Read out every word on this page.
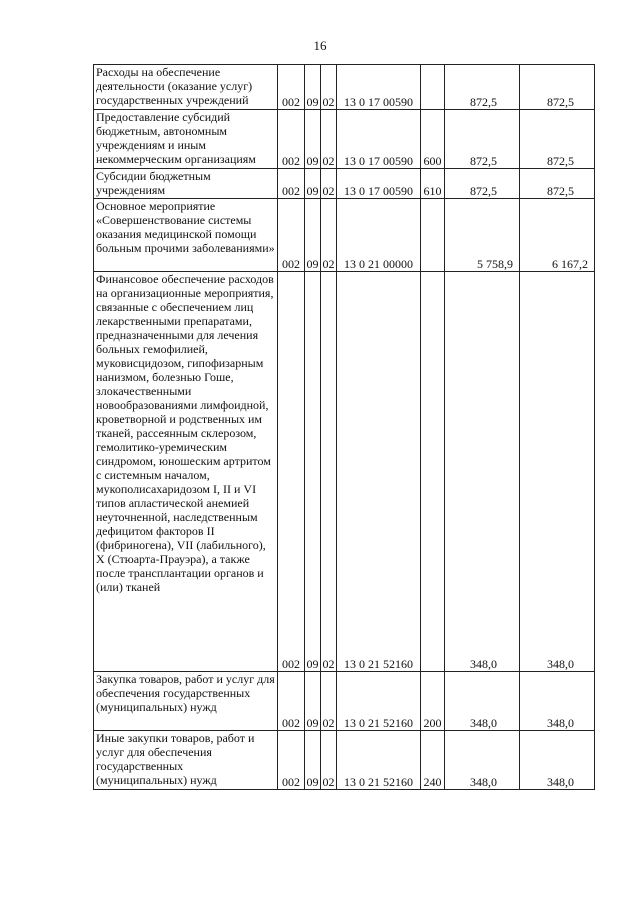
16
Расходы на обеспечение деятельности (оказание услуг) государственных учреждений	002	09	02	13 0 17 00590		872,5	872,5
Предоставление субсидий бюджетным, автономным учреждениям и иным некоммерческим организациям	002	09	02	13 0 17 00590	600	872,5	872,5
Субсидии бюджетным учреждениям	002	09	02	13 0 17 00590	610	872,5	872,5
Основное мероприятие «Совершенствование системы оказания медицинской помощи больным прочими заболеваниями»	002	09	02	13 0 21 00000		5 758,9	6 167,2
Финансовое обеспечение расходов на организационные мероприятия, связанные с обеспечением лиц лекарственными препаратами, предназначенными для лечения больных гемофилией, муковисцидозом, гипофизарным нанизмом, болезнью Гоше, злокачественными новообразованиями лимфоидной, кроветворной и родственных им тканей, рассеянным склерозом, гемолитико-уремическим синдромом, юношеским артритом с системным началом, мукополисахаридозом I, II и VI типов апластической анемией неуточненной, наследственным дефицитом факторов II (фибриногена), VII (лабильного), X (Стюарта-Прауэра), а также после трансплантации органов и (или) тканей	002	09	02	13 0 21 52160		348,0	348,0
Закупка товаров, работ и услуг для обеспечения государственных (муниципальных) нужд	002	09	02	13 0 21 52160	200	348,0	348,0
Иные закупки товаров, работ и услуг для обеспечения государственных (муниципальных) нужд	002	09	02	13 0 21 52160	240	348,0	348,0
